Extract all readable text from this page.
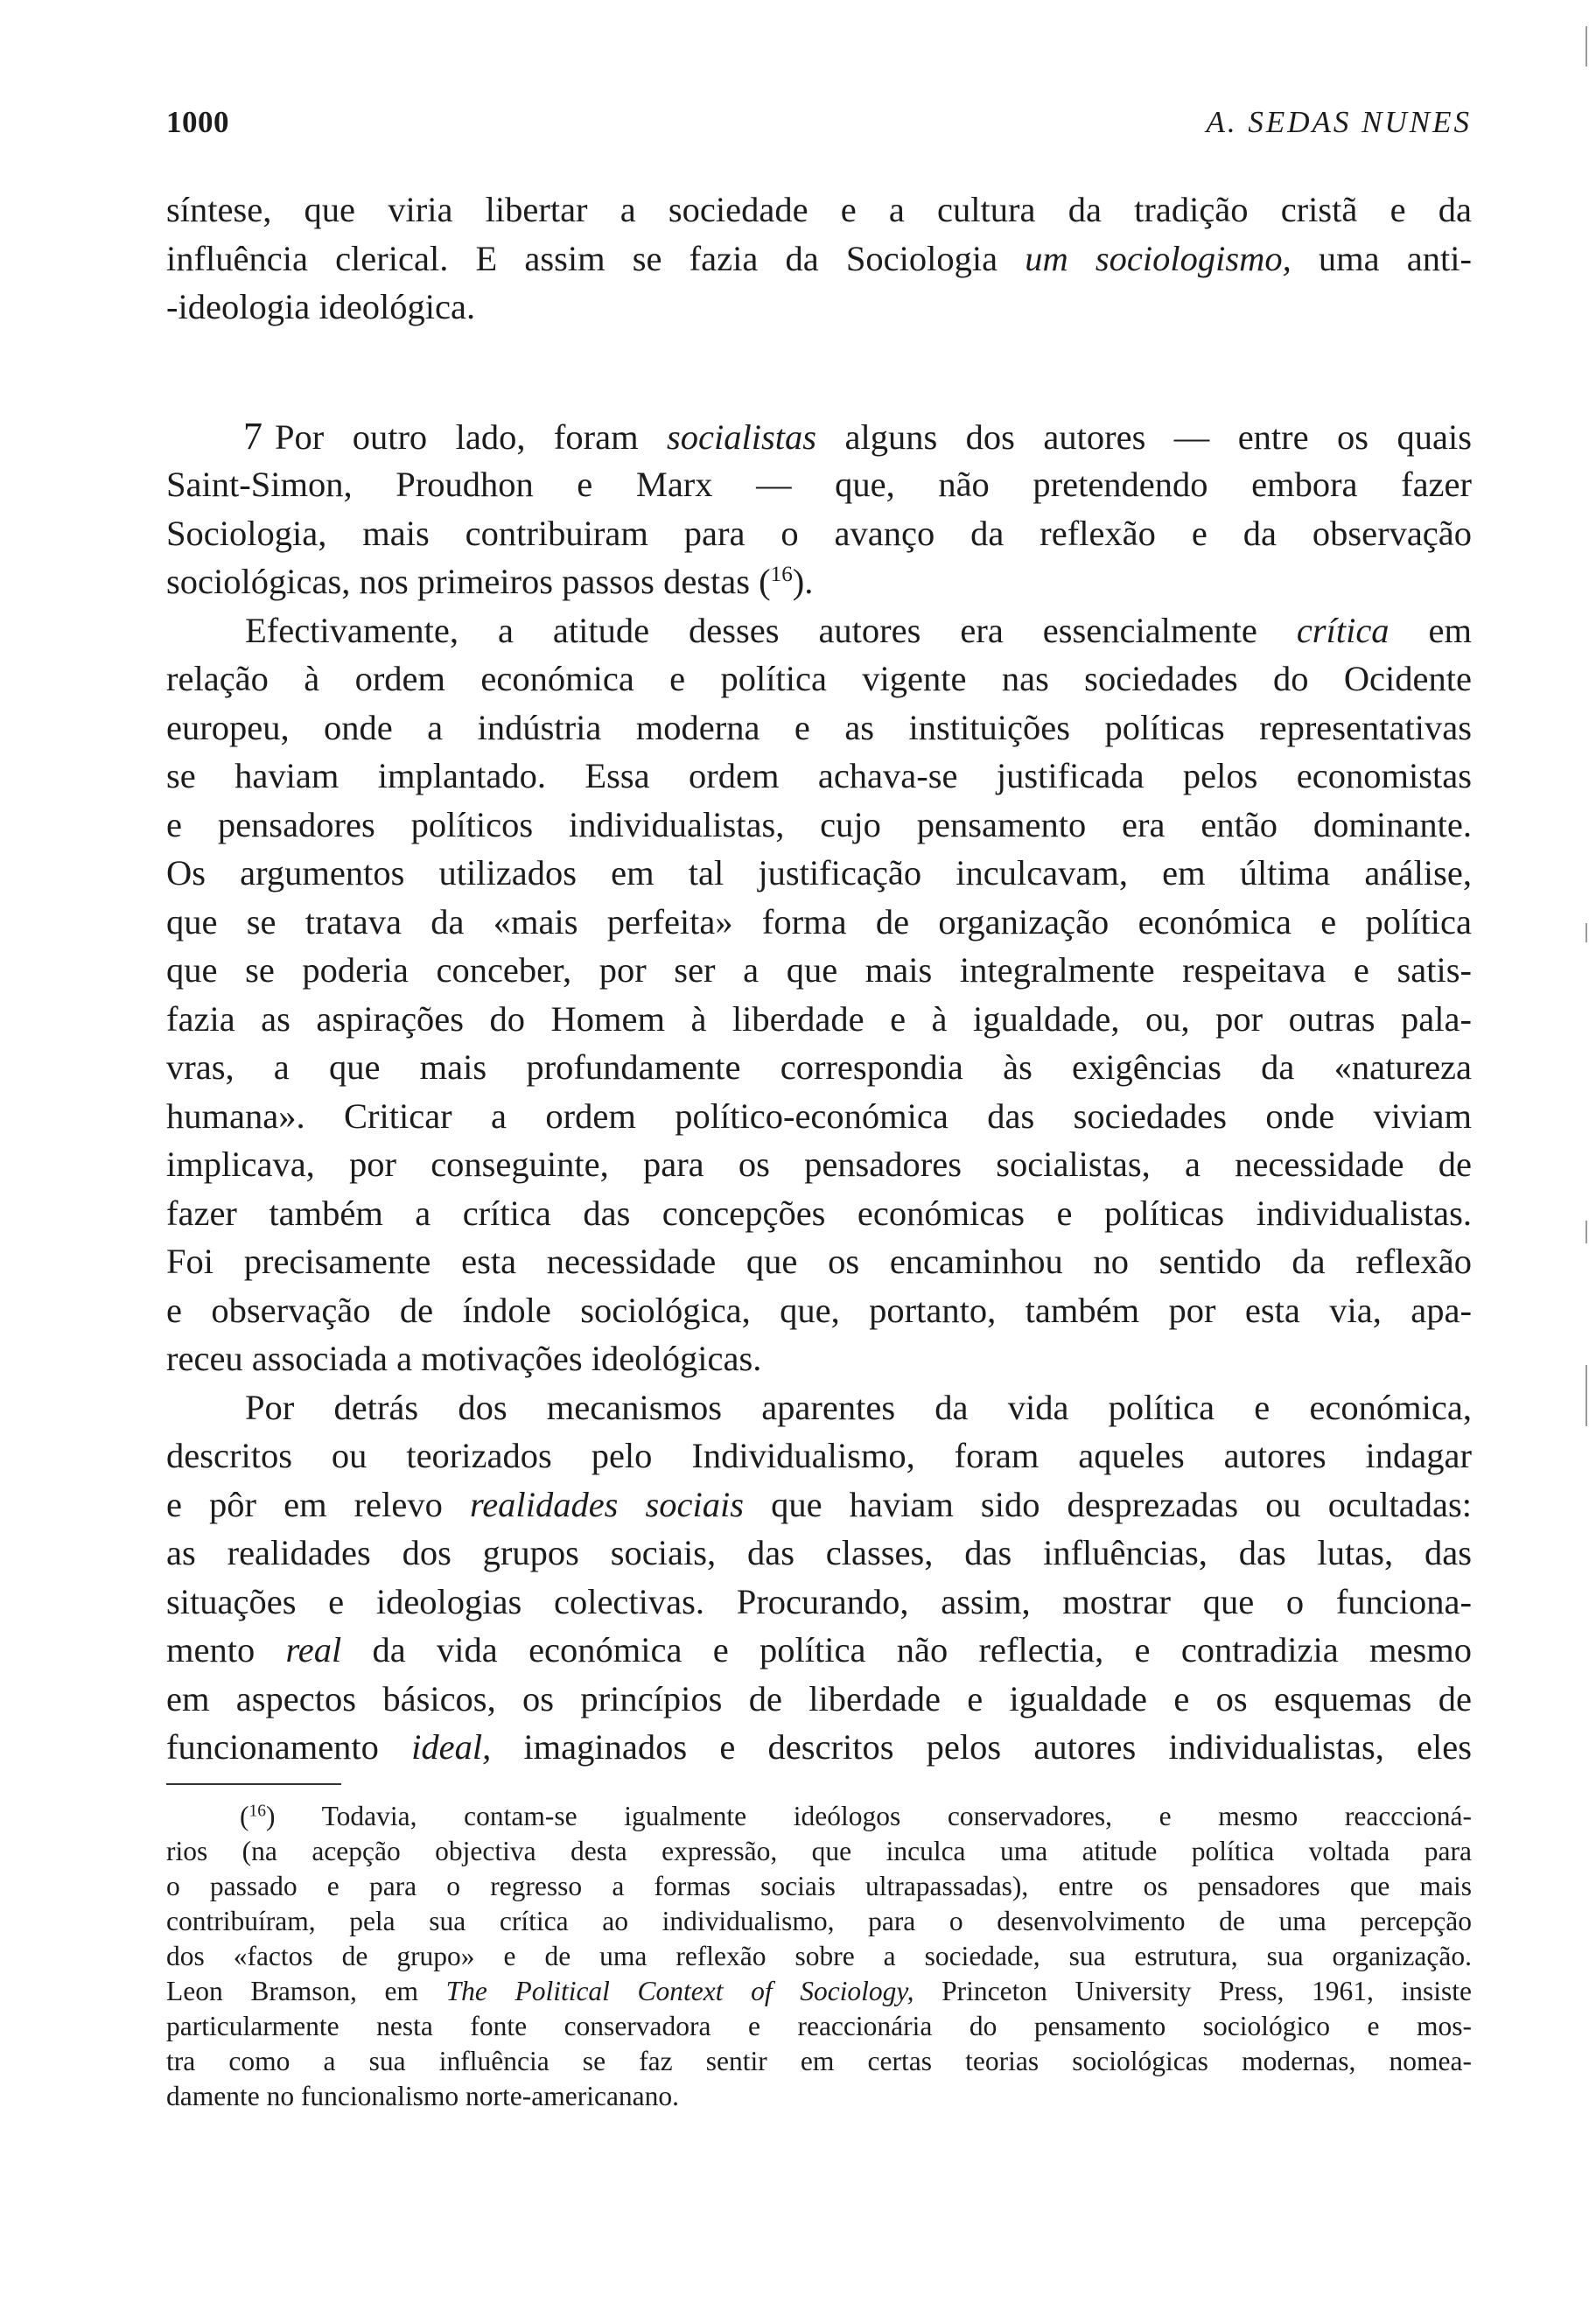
1000	A. SEDAS NUNES
síntese, que viria libertar a sociedade e a cultura da tradição cristã e da
influência clerical. E assim se fazia da Sociologia um sociologismo, uma anti-
-ideologia ideológica.
7 Por outro lado, foram socialistas alguns dos autores — entre os quais
Saint-Simon, Proudhon e Marx — que, não pretendendo embora fazer
Sociologia, mais contribuiram para o avanço da reflexão e da observação
sociológicas, nos primeiros passos destas ($^{16}$).
Efectivamente, a atitude desses autores era essencialmente crítica em
relação à ordem económica e política vigente nas sociedades do Ocidente
europeu, onde a indústria moderna e as instituições políticas representativas
se haviam implantado. Essa ordem achava-se justificada pelos economistas
e pensadores políticos individualistas, cujo pensamento era então dominante.
Os argumentos utilizados em tal justificação inculcavam, em última análise,
que se tratava da «mais perfeita» forma de organização económica e política
que se poderia conceber, por ser a que mais integralmente respeitava e satis-
fazia as aspirações do Homem à liberdade e à igualdade, ou, por outras pala-
vras, a que mais profundamente correspondia às exigências da «natureza
humana». Criticar a ordem político-económica das sociedades onde viviam
implicava, por conseguinte, para os pensadores socialistas, a necessidade de
fazer também a crítica das concepções económicas e políticas individualistas.
Foi precisamente esta necessidade que os encaminhou no sentido da reflexão
e observação de índole sociológica, que, portanto, também por esta via, apa-
receu associada a motivações ideológicas.
Por detrás dos mecanismos aparentes da vida política e económica,
descritos ou teorizados pelo Individualismo, foram aqueles autores indagar
e pôr em relevo realidades sociais que haviam sido desprezadas ou ocultadas:
as realidades dos grupos sociais, das classes, das influências, das lutas, das
situações e ideologias colectivas. Procurando, assim, mostrar que o funciona-
mento real da vida económica e política não reflectia, e contradizia mesmo
em aspectos básicos, os princípios de liberdade e igualdade e os esquemas de
funcionamento ideal, imaginados e descritos pelos autores individualistas, eles
($^{16}$) Todavia, contam-se igualmente ideólogos conservadores, e mesmo reacccioná-
rios (na acepção objectiva desta expressão, que inculca uma atitude política voltada para
o passado e para o regresso a formas sociais ultrapassadas), entre os pensadores que mais
contribuíram, pela sua crítica ao individualismo, para o desenvolvimento de uma percepção
dos «factos de grupo» e de uma reflexão sobre a sociedade, sua estrutura, sua organização.
Leon Bramson, em The Political Context of Sociology, Princeton University Press, 1961, insiste
particularmente nesta fonte conservadora e reaccionária do pensamento sociológico e mos-
tra como a sua influência se faz sentir em certas teorias sociológicas modernas, nomea-
damente no funcionalismo norte-americanano.
